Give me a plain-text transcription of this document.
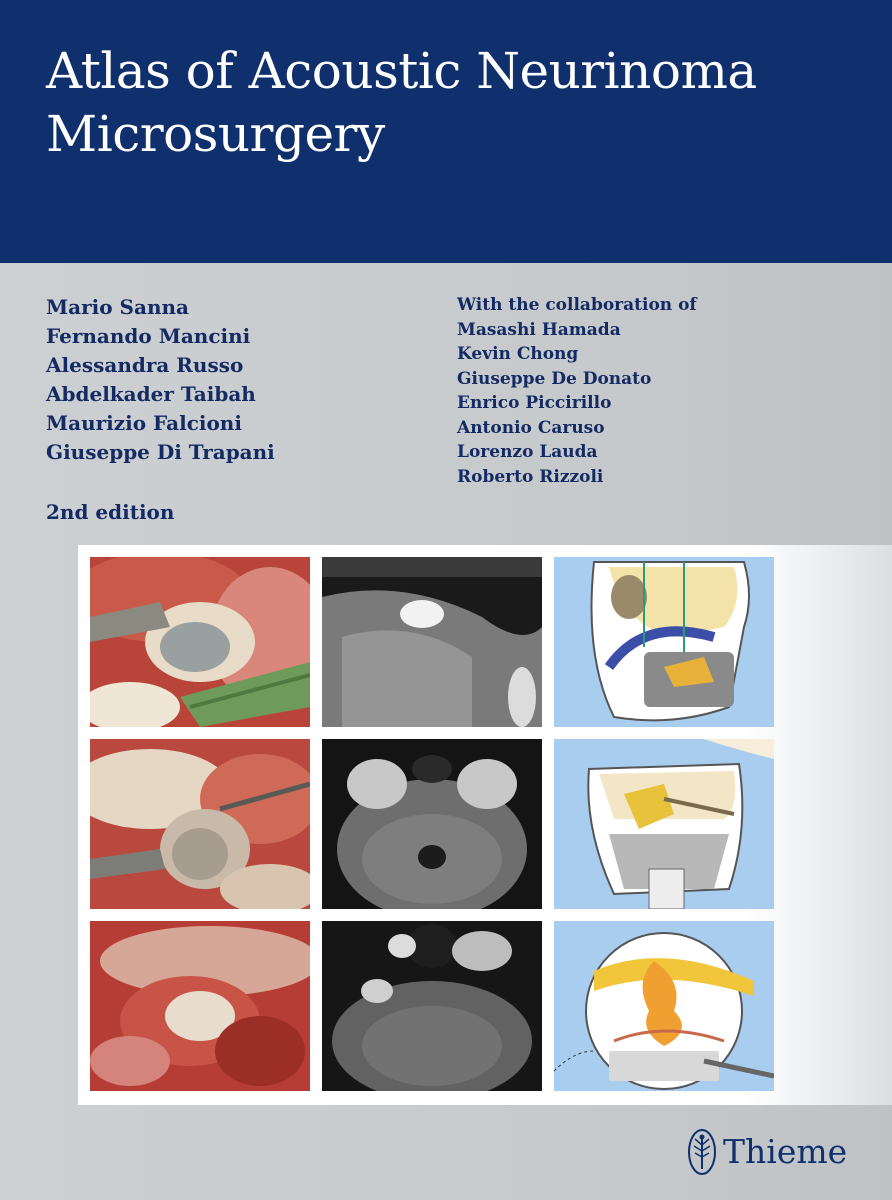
Atlas of Acoustic Neurinoma
Microsurgery
Mario Sanna
Fernando Mancini
Alessandra Russo
Abdelkader Taibah
Maurizio Falcioni
Giuseppe Di Trapani
With the collaboration of
Masashi Hamada
Kevin Chong
Giuseppe De Donato
Enrico Piccirillo
Antonio Caruso
Lorenzo Lauda
Roberto Rizzoli
2nd edition
Thieme
